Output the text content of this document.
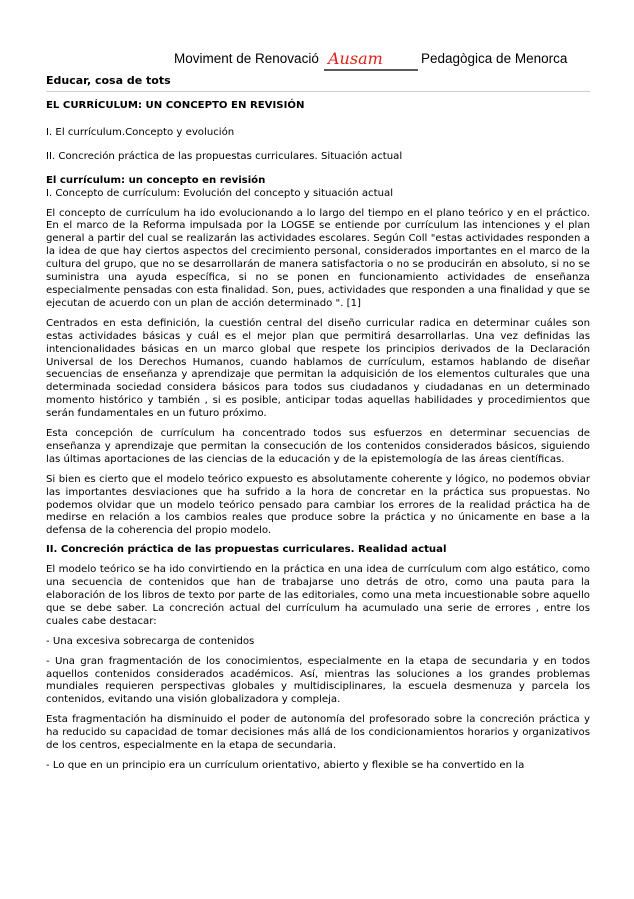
Moviment de Renovació Ausam	Pedagògica de Menorca
Educar, cosa de tots

EL CURRÍCULUM: UN CONCEPTO EN REVISIÓN

I. El currículum.Concepto y evolución

II. Concreción práctica de las propuestas curriculares. Situación actual

El currículum: un concepto en revisión

I. Concepto de currículum: Evolución del concepto y situación actual

El concepto de currículum ha ido evolucionando a lo largo del tiempo en el plano teórico y en el práctico. En el marco de la Reforma impulsada por la LOGSE se entiende por currículum las intenciones y el plan general a partir del cual se realizarán las actividades escolares. Según Coll "estas actividades responden a la idea de que hay ciertos aspectos del crecimiento personal, considerados importantes en el marco de la cultura del grupo, que no se desarrollarán de manera satisfactoria o no se producirán en absoluto, si no se suministra una ayuda específica, si no se ponen en funcionamiento actividades de enseñanza especialmente pensadas con esta finalidad. Son, pues, actividades que responden a una finalidad y que se ejecutan de acuerdo con un plan de acción determinado ". [1]

Centrados en esta definición, la cuestión central del diseño curricular radica en determinar cuáles son estas actividades básicas y cuál es el mejor plan que permitirá desarrollarlas. Una vez definidas las intencionalidades básicas en un marco global que respete los principios derivados de la Declaración Universal de los Derechos Humanos, cuando hablamos de currículum, estamos hablando de diseñar secuencias de enseñanza y aprendizaje que permitan la adquisición de los elementos culturales que una determinada sociedad considera básicos para todos sus ciudadanos y ciudadanas en un determinado momento histórico y también , si es posible, anticipar todas aquellas habilidades y procedimientos que serán fundamentales en un futuro próximo.

Esta concepción de currículum ha concentrado todos sus esfuerzos en determinar secuencias de enseñanza y aprendizaje que permitan la consecución de los contenidos considerados básicos, siguiendo las últimas aportaciones de las ciencias de la educación y de la epistemología de las áreas científicas.

Si bien es cierto que el modelo teórico expuesto es absolutamente coherente y lógico, no podemos obviar las importantes desviaciones que ha sufrido a la hora de concretar en la práctica sus propuestas. No podemos olvidar que un modelo teórico pensado para cambiar los errores de la realidad práctica ha de medirse en relación a los cambios reales que produce sobre la práctica y no únicamente en base a la defensa de la coherencia del propio modelo.

II. Concreción práctica de las propuestas curriculares. Realidad actual

El modelo teórico se ha ido convirtiendo en la práctica en una idea de currículum com algo estático, como una secuencia de contenidos que han de trabajarse uno detrás de otro, como una pauta para la elaboración de los libros de texto por parte de las editoriales, como una meta incuestionable sobre aquello que se debe saber. La concreción actual del currículum ha acumulado una serie de errores , entre los cuales cabe destacar:

- Una excesiva sobrecarga de contenidos

- Una gran fragmentación de los conocimientos, especialmente en la etapa de secundaria y en todos aquellos contenidos considerados académicos. Así, mientras las soluciones a los grandes problemas mundiales requieren perspectivas globales y multidisciplinares, la escuela desmenuza y parcela los contenidos, evitando una visión globalizadora y compleja.

Esta fragmentación ha disminuido el poder de autonomía del profesorado sobre la concreción práctica y ha reducido su capacidad de tomar decisiones más allá de los condicionamientos horarios y organizativos de los centros, especialmente en la etapa de secundaria.

- Lo que en un principio era un currículum orientativo, abierto y flexible se ha convertido en la
